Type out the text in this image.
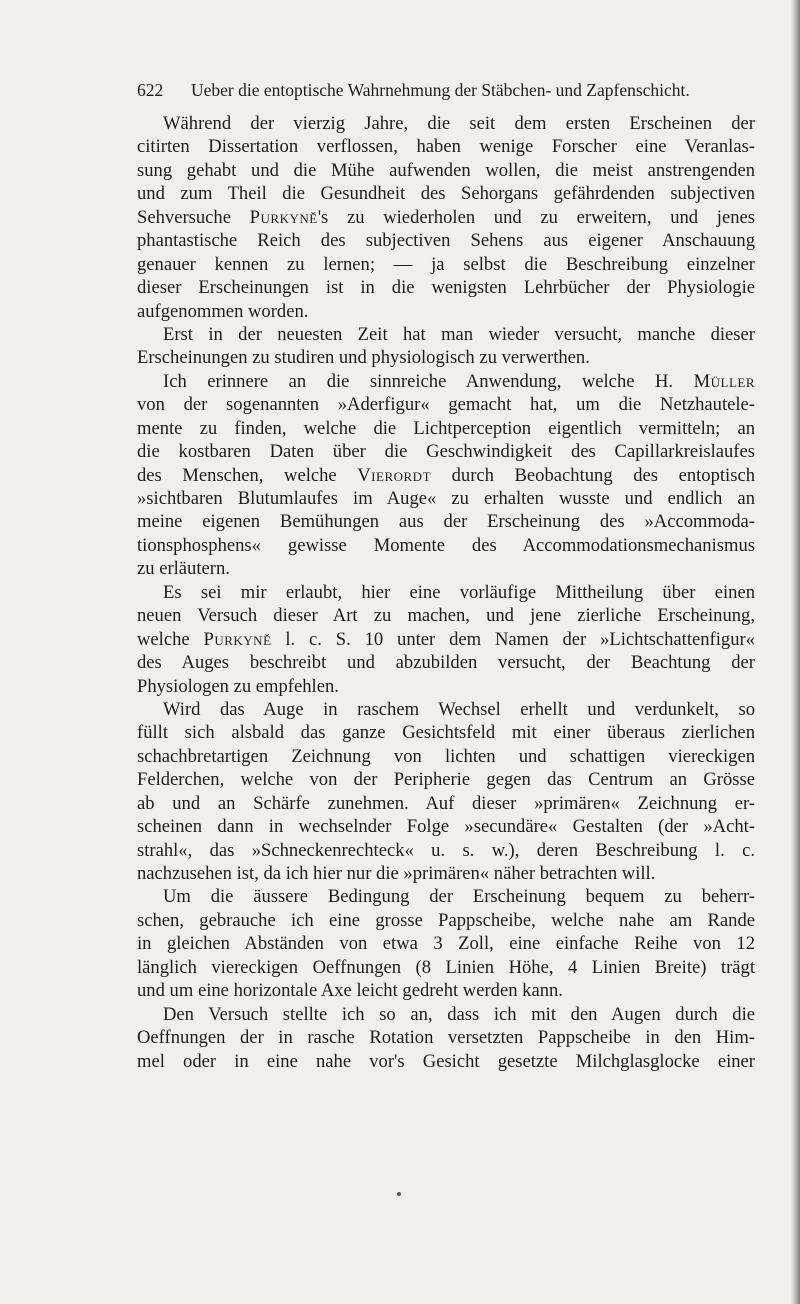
622 Ueber die entoptische Wahrnehmung der Stäbchen- und Zapfenschicht.
Während der vierzig Jahre, die seit dem ersten Erscheinen der
citirten Dissertation verflossen, haben wenige Forscher eine Veranlas-
sung gehabt und die Mühe aufwenden wollen, die meist anstrengenden
und zum Theil die Gesundheit des Sehorgans gefährdenden subjectiven
Sehversuche Purkyně's zu wiederholen und zu erweitern, und jenes
phantastische Reich des subjectiven Sehens aus eigener Anschauung
genauer kennen zu lernen; — ja selbst die Beschreibung einzelner
dieser Erscheinungen ist in die wenigsten Lehrbücher der Physiologie
aufgenommen worden.
Erst in der neuesten Zeit hat man wieder versucht, manche dieser
Erscheinungen zu studiren und physiologisch zu verwerthen.
Ich erinnere an die sinnreiche Anwendung, welche H. Müller
von der sogenannten »Aderfigur« gemacht hat, um die Netzhautele-
mente zu finden, welche die Lichtperception eigentlich vermitteln; an
die kostbaren Daten über die Geschwindigkeit des Capillarkreislaufes
des Menschen, welche Vierordt durch Beobachtung des entoptisch
»sichtbaren Blutumlaufes im Auge« zu erhalten wusste und endlich an
meine eigenen Bemühungen aus der Erscheinung des »Accommoda-
tionsphosphens« gewisse Momente des Accommodationsmechanismus
zu erläutern.
Es sei mir erlaubt, hier eine vorläufige Mittheilung über einen
neuen Versuch dieser Art zu machen, und jene zierliche Erscheinung,
welche Purkyně l. c. S. 10 unter dem Namen der »Lichtschattenfigur«
des Auges beschreibt und abzubilden versucht, der Beachtung der
Physiologen zu empfehlen.
Wird das Auge in raschem Wechsel erhellt und verdunkelt, so
füllt sich alsbald das ganze Gesichtsfeld mit einer überaus zierlichen
schachbretartigen Zeichnung von lichten und schattigen viereckigen
Felderchen, welche von der Peripherie gegen das Centrum an Grösse
ab und an Schärfe zunehmen. Auf dieser »primären« Zeichnung er-
scheinen dann in wechselnder Folge »secundäre« Gestalten (der »Acht-
strahl«, das »Schneckenrechteck« u. s. w.), deren Beschreibung l. c.
nachzusehen ist, da ich hier nur die »primären« näher betrachten will.
Um die äussere Bedingung der Erscheinung bequem zu beherr-
schen, gebrauche ich eine grosse Pappscheibe, welche nahe am Rande
in gleichen Abständen von etwa 3 Zoll, eine einfache Reihe von 12
länglich viereckigen Oeffnungen (8 Linien Höhe, 4 Linien Breite) trägt
und um eine horizontale Axe leicht gedreht werden kann.
Den Versuch stellte ich so an, dass ich mit den Augen durch die
Oeffnungen der in rasche Rotation versetzten Pappscheibe in den Him-
mel oder in eine nahe vor's Gesicht gesetzte Milchglasglocke einer
